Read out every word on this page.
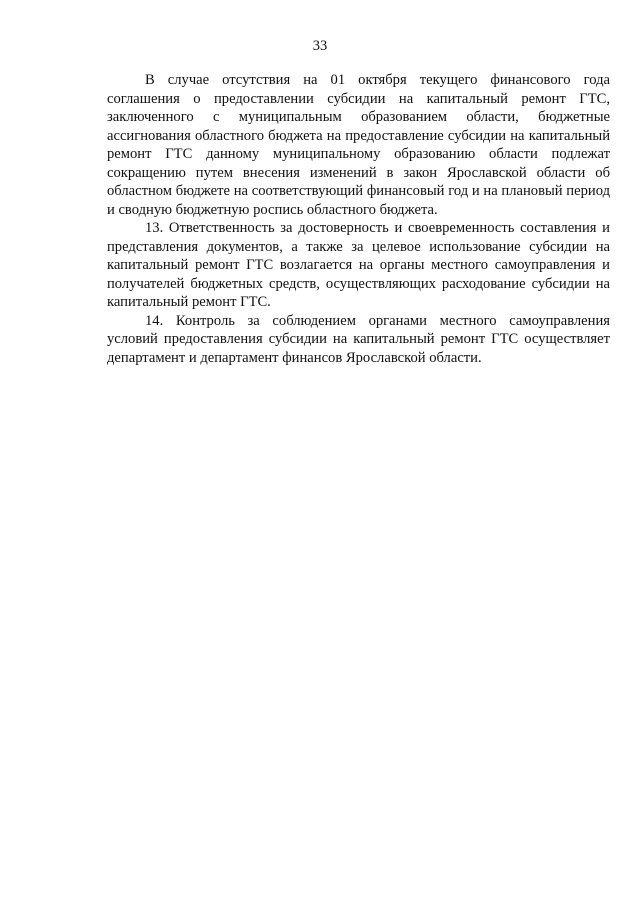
33

В случае отсутствия на 01 октября текущего финансового года соглашения о предоставлении субсидии на капитальный ремонт ГТС, заключенного с муниципальным образованием области, бюджетные ассигнования областного бюджета на предоставление субсидии на капитальный ремонт ГТС данному муниципальному образованию области подлежат сокращению путем внесения изменений в закон Ярославской области об областном бюджете на соответствующий финансовый год и на плановый период и сводную бюджетную роспись областного бюджета.

13. Ответственность за достоверность и своевременность составления и представления документов, а также за целевое использование субсидии на капитальный ремонт ГТС возлагается на органы местного самоуправления и получателей бюджетных средств, осуществляющих расходование субсидии на капитальный ремонт ГТС.

14. Контроль за соблюдением органами местного самоуправления условий предоставления субсидии на капитальный ремонт ГТС осуществляет департамент и департамент финансов Ярославской области.
